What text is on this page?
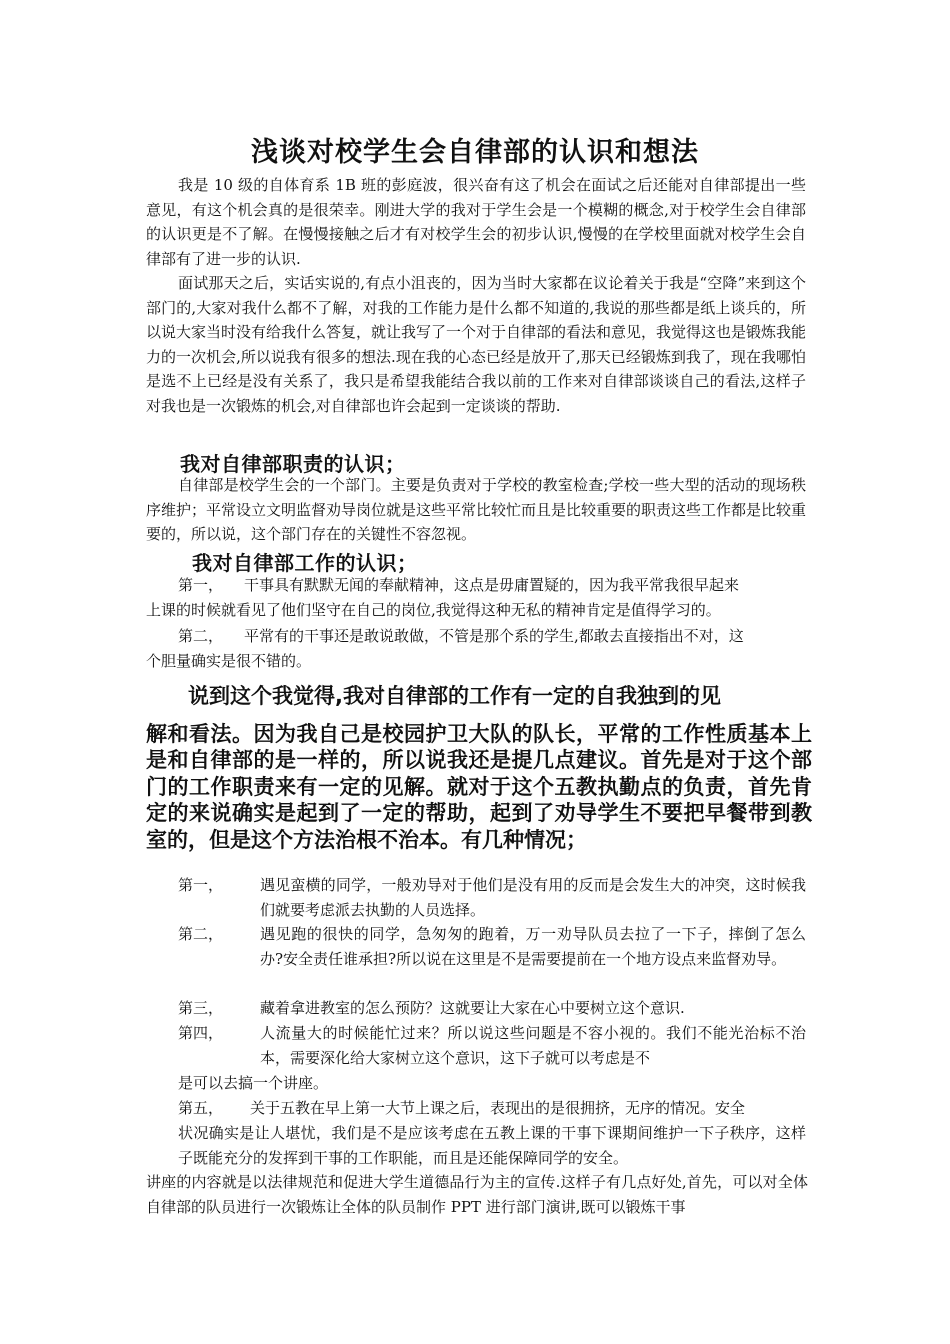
浅谈对校学生会自律部的认识和想法

我是 10 级的自体育系 1B 班的彭庭波，很兴奋有这了机会在面试之后还能对自律部提出一些意见，有这个机会真的是很荣幸。刚进大学的我对于学生会是一个模糊的概念,对于校学生会自律部的认识更是不了解。在慢慢接触之后才有对校学生会的初步认识,慢慢的在学校里面就对校学生会自律部有了进一步的认识.

面试那天之后，实话实说的,有点小沮丧的，因为当时大家都在议论着关于我是“空降”来到这个部门的,大家对我什么都不了解，对我的工作能力是什么都不知道的,我说的那些都是纸上谈兵的，所以说大家当时没有给我什么答复，就让我写了一个对于自律部的看法和意见，我觉得这也是锻炼我能力的一次机会,所以说我有很多的想法.现在我的心态已经是放开了,那天已经锻炼到我了，现在我哪怕是选不上已经是没有关系了，我只是希望我能结合我以前的工作来对自律部谈谈自己的看法,这样子对我也是一次锻炼的机会,对自律部也许会起到一定谈谈的帮助.

我对自律部职责的认识；

自律部是校学生会的一个部门。主要是负责对于学校的教室检查;学校一些大型的活动的现场秩序维护；平常设立文明监督劝导岗位就是这些平常比较忙而且是比较重要的职责这些工作都是比较重要的，所以说，这个部门存在的关键性不容忽视。

我对自律部工作的认识；
第一， 干事具有默默无闻的奉献精神，这点是毋庸置疑的，因为我平常我很早起来
上课的时候就看见了他们坚守在自己的岗位,我觉得这种无私的精神肯定是值得学习的。
第二， 平常有的干事还是敢说敢做，不管是那个系的学生,都敢去直接指出不对，这
个胆量确实是很不错的。
说到这个我觉得,我对自律部的工作有一定的自我独到的见
解和看法。因为我自己是校园护卫大队的队长，平常的工作性质基本上是和自律部的是一样的，所以说我还是提几点建议。首先是对于这个部门的工作职责来有一定的见解。就对于这个五教执勤点的负责，首先肯定的来说确实是起到了一定的帮助，起到了劝导学生不要把早餐带到教室的，但是这个方法治根不治本。有几种情况；
第一， 遇见蛮横的同学，一般劝导对于他们是没有用的反而是会发生大的冲突，这时候我们就要考虑派去执勤的人员选择。
第二， 遇见跑的很快的同学，急匆匆的跑着，万一劝导队员去拉了一下子，摔倒了怎么办?安全责任谁承担?所以说在这里是不是需要提前在一个地方设点来监督劝导。
第三， 藏着拿进教室的怎么预防？这就要让大家在心中要树立这个意识.
第四， 人流量大的时候能忙过来？所以说这些问题是不容小视的。我们不能光治标不治本，需要深化给大家树立这个意识，这下子就可以考虑是不
是可以去搞一个讲座。
第五， 关于五教在早上第一大节上课之后，表现出的是很拥挤，无序的情况。安全
状况确实是让人堪忧，我们是不是应该考虑在五教上课的干事下课期间维护一下子秩序，这样子既能充分的发挥到干事的工作职能，而且是还能保障同学的安全。
讲座的内容就是以法律规范和促进大学生道德品行为主的宣传.这样子有几点好处,首先，可以对全体自律部的队员进行一次锻炼让全体的队员制作 PPT 进行部门演讲,既可以锻炼干事
